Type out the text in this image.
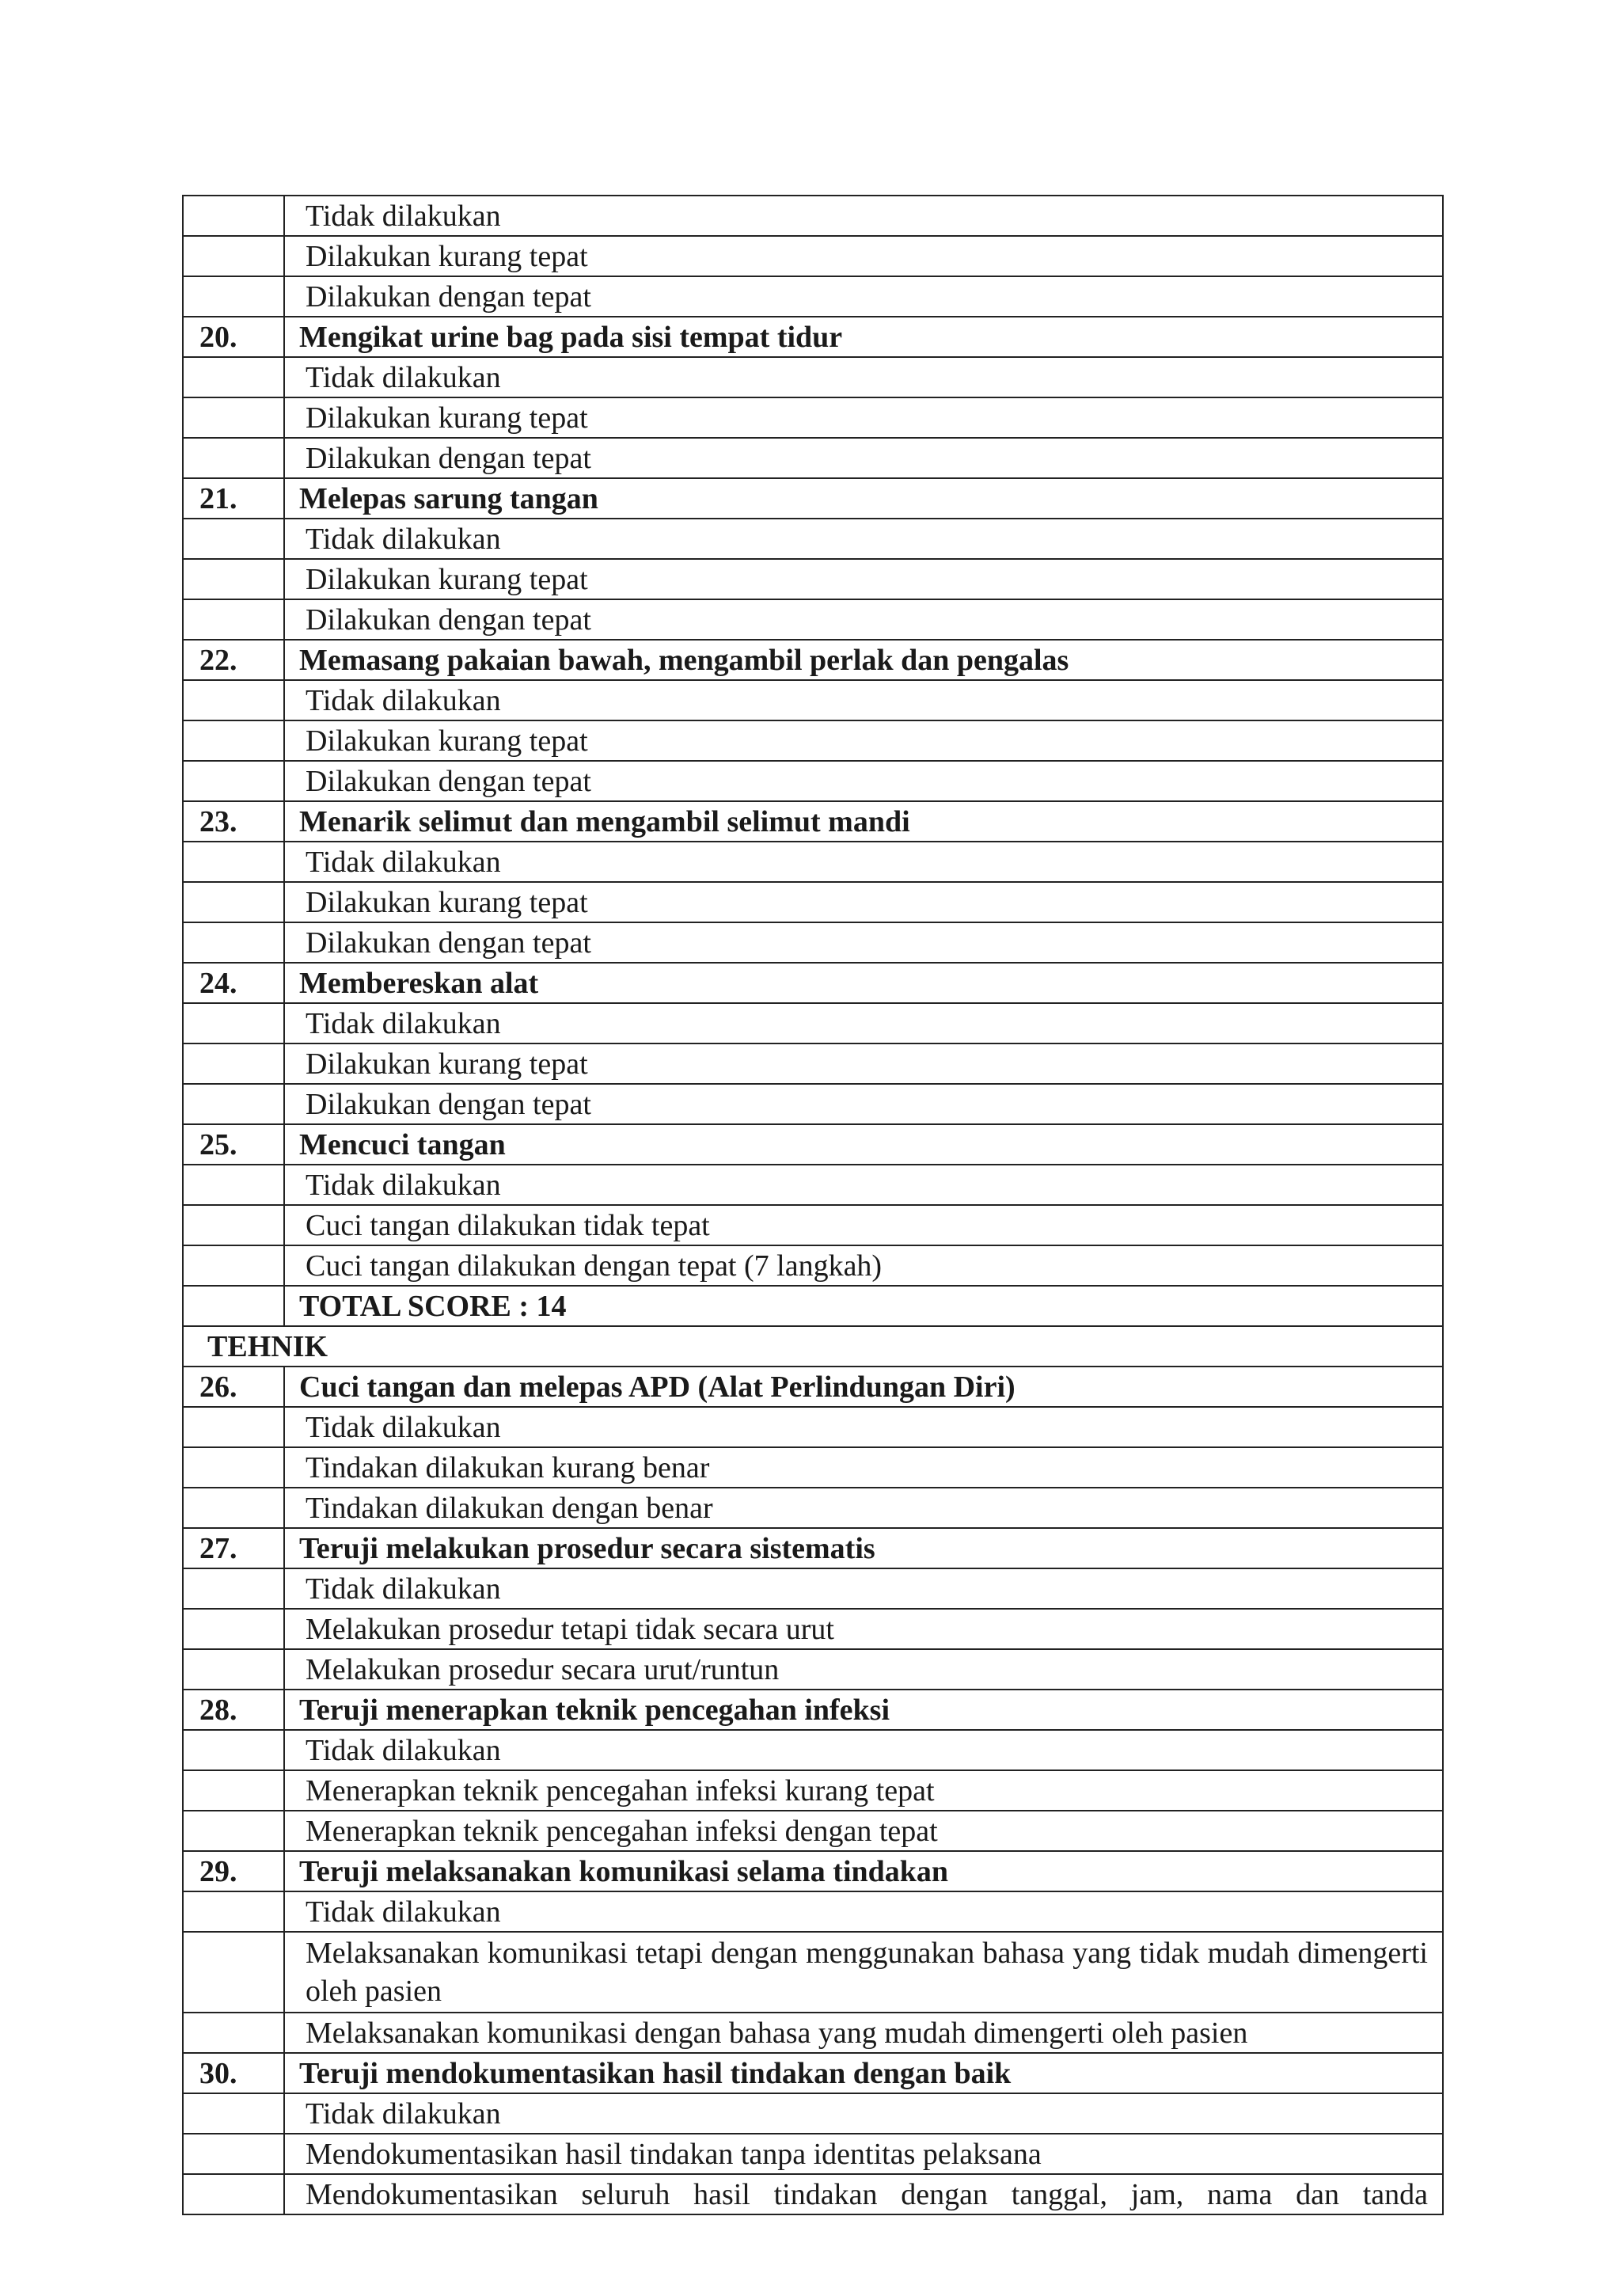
	Tidak dilakukan
	Dilakukan kurang tepat
	Dilakukan dengan tepat
20.	Mengikat urine bag pada sisi tempat tidur
	Tidak dilakukan
	Dilakukan kurang tepat
	Dilakukan dengan tepat
21.	Melepas sarung tangan
	Tidak dilakukan
	Dilakukan kurang tepat
	Dilakukan dengan tepat
22.	Memasang pakaian bawah, mengambil perlak dan pengalas
	Tidak dilakukan
	Dilakukan kurang tepat
	Dilakukan dengan tepat
23.	Menarik selimut dan mengambil selimut mandi
	Tidak dilakukan
	Dilakukan kurang tepat
	Dilakukan dengan tepat
24.	Membereskan alat
	Tidak dilakukan
	Dilakukan kurang tepat
	Dilakukan dengan tepat
25.	Mencuci tangan
	Tidak dilakukan
	Cuci tangan dilakukan tidak tepat
	Cuci tangan dilakukan dengan tepat (7 langkah)
	TOTAL SCORE : 14
TEHNIK	
26.	Cuci tangan dan melepas APD (Alat Perlindungan Diri)
	Tidak dilakukan
	Tindakan dilakukan kurang benar
	Tindakan dilakukan dengan benar
27.	Teruji melakukan prosedur secara sistematis
	Tidak dilakukan
	Melakukan prosedur tetapi tidak secara urut
	Melakukan prosedur secara urut/runtun
28.	Teruji menerapkan teknik pencegahan infeksi
	Tidak dilakukan
	Menerapkan teknik pencegahan infeksi kurang tepat
	Menerapkan teknik pencegahan infeksi dengan tepat
29.	Teruji melaksanakan komunikasi selama tindakan
	Tidak dilakukan
	Melaksanakan komunikasi tetapi dengan menggunakan bahasa yang tidak mudah dimengerti oleh pasien
	Melaksanakan komunikasi dengan bahasa yang mudah dimengerti oleh pasien
30.	Teruji mendokumentasikan hasil tindakan dengan baik
	Tidak dilakukan
	Mendokumentasikan hasil tindakan tanpa identitas pelaksana
	Mendokumentasikan seluruh hasil tindakan dengan tanggal, jam, nama dan tanda
